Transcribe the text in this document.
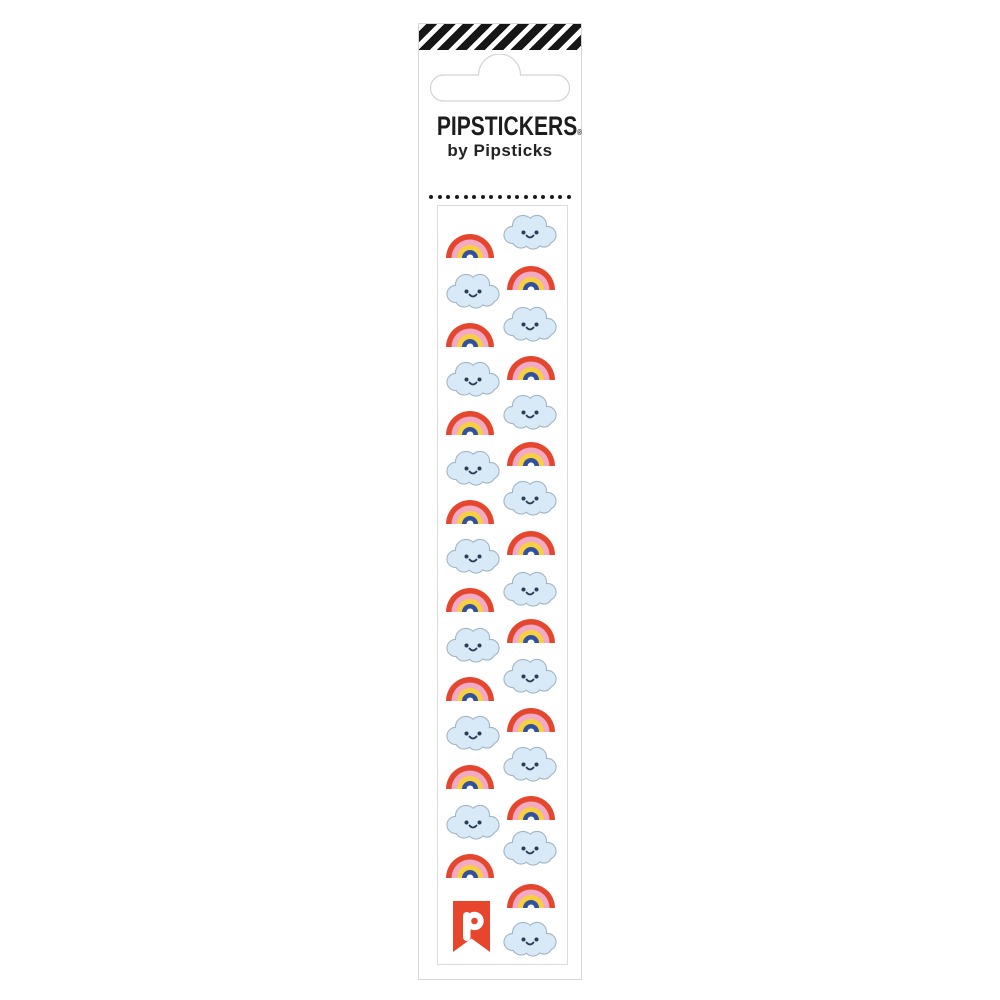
PIPSTICKERS®
by Pipsticks
